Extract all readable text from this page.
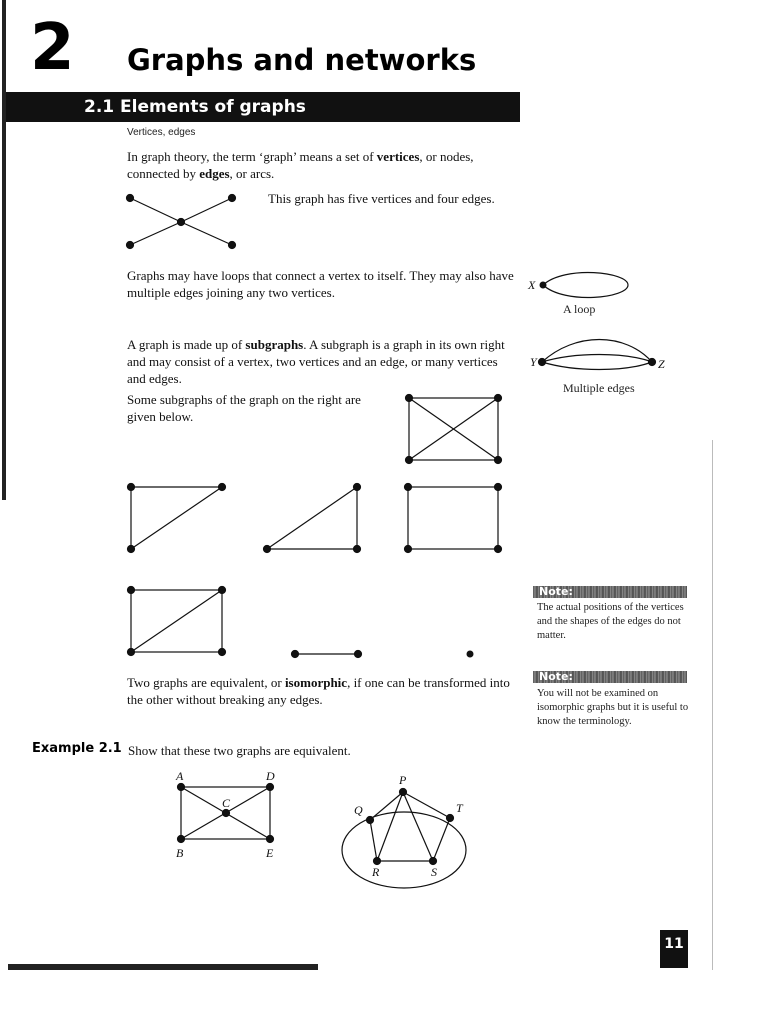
2 Graphs and networks
2.1 Elements of graphs
Vertices, edges
In graph theory, the term ‘graph’ means a set of vertices, or nodes, connected by edges, or arcs.
This graph has five vertices and four edges.
Graphs may have loops that connect a vertex to itself. They may also have multiple edges joining any two vertices.
A loop
A graph is made up of subgraphs. A subgraph is a graph in its own right and may consist of a vertex, two vertices and an edge, or many vertices and edges.
Multiple edges
Some subgraphs of the graph on the right are given below.
Note:
The actual positions of the vertices and the shapes of the edges do not matter.
Two graphs are equivalent, or isomorphic, if one can be transformed into the other without breaking any edges.
Note:
You will not be examined on isomorphic graphs but it is useful to know the terminology.
Example 2.1 Show that these two graphs are equivalent.
X
Y	Z
A	D
C
B	E
P
Q	T
R	S
11
